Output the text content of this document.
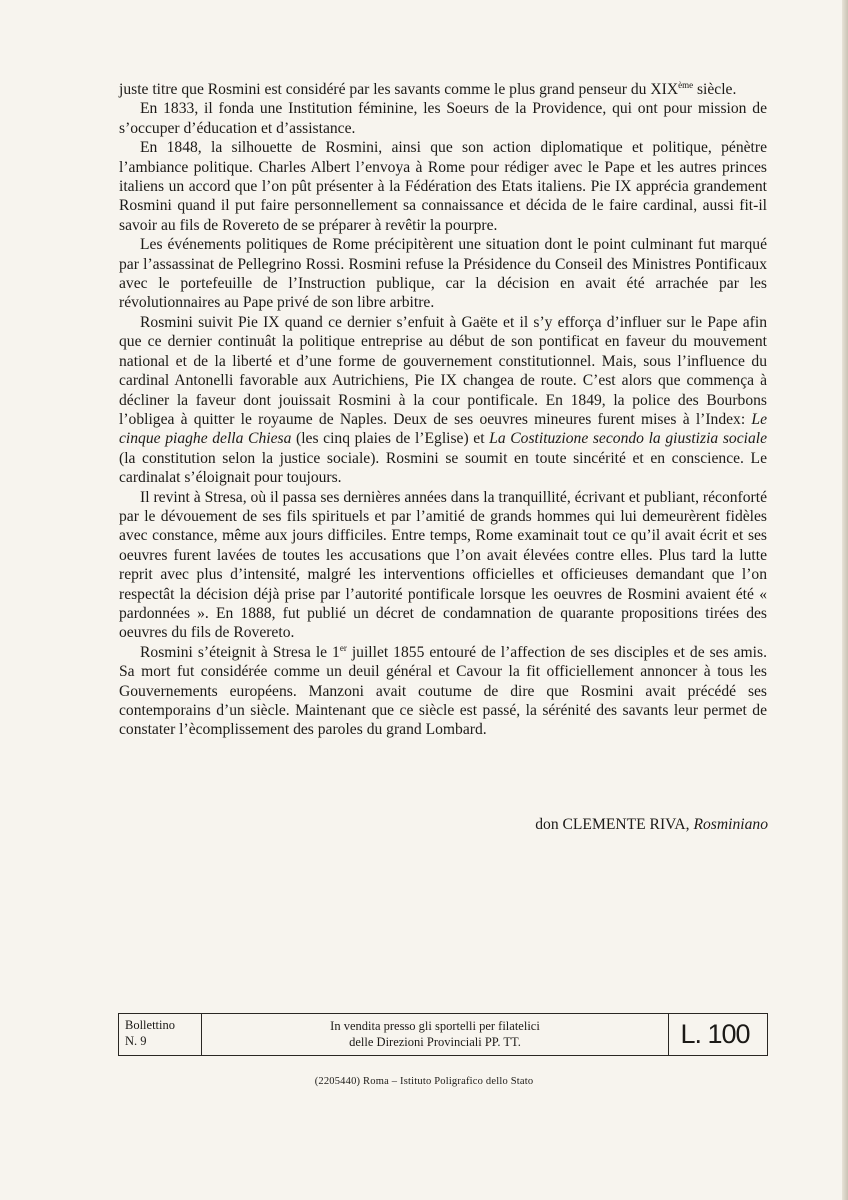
juste titre que Rosmini est considéré par les savants comme le plus grand penseur du XIXème siècle.

En 1833, il fonda une Institution féminine, les Soeurs de la Providence, qui ont pour mission de s’occuper d’éducation et d’assistance.

En 1848, la silhouette de Rosmini, ainsi que son action diplomatique et politique, pénètre l’ambiance politique. Charles Albert l’envoya à Rome pour rédiger avec le Pape et les autres princes italiens un accord que l’on pût présenter à la Fédération des Etats italiens. Pie IX apprécia grandement Rosmini quand il put faire personnellement sa connaissance et décida de le faire cardinal, aussi fit-il savoir au fils de Rovereto de se préparer à revêtir la pourpre.

Les événements politiques de Rome précipitèrent une situation dont le point culminant fut marqué par l’assassinat de Pellegrino Rossi. Rosmini refuse la Présidence du Conseil des Ministres Pontificaux avec le portefeuille de l’Instruction publique, car la décision en avait été arrachée par les révolutionnaires au Pape privé de son libre arbitre.

Rosmini suivit Pie IX quand ce dernier s’enfuit à Gaëte et il s’y efforça d’influer sur le Pape afin que ce dernier continuât la politique entreprise au début de son pontificat en faveur du mouvement national et de la liberté et d’une forme de gouvernement constitutionnel. Mais, sous l’influence du cardinal Antonelli favorable aux Autrichiens, Pie IX changea de route. C’est alors que commença à décliner la faveur dont jouissait Rosmini à la cour pontificale. En 1849, la police des Bourbons l’obligea à quitter le royaume de Naples. Deux de ses oeuvres mineures furent mises à l’Index: Le cinque piaghe della Chiesa (les cinq plaies de l’Eglise) et La Costituzione secondo la giustizia sociale (la constitution selon la justice sociale). Rosmini se soumit en toute sincérité et en conscience. Le cardinalat s’éloignait pour toujours.

Il revint à Stresa, où il passa ses dernières années dans la tranquillité, écrivant et publiant, réconforté par le dévouement de ses fils spirituels et par l’amitié de grands hommes qui lui demeurèrent fidèles avec constance, même aux jours difficiles. Entre temps, Rome examinait tout ce qu’il avait écrit et ses oeuvres furent lavées de toutes les accusations que l’on avait élevées contre elles. Plus tard la lutte reprit avec plus d’intensité, malgré les interventions officielles et officieuses demandant que l’on respectât la décision déjà prise par l’autorité pontificale lorsque les oeuvres de Rosmini avaient été « pardonnées ». En 1888, fut publié un décret de condamnation de quarante propositions tirées des oeuvres du fils de Rovereto.

Rosmini s’éteignit à Stresa le 1er juillet 1855 entouré de l’affection de ses disciples et de ses amis. Sa mort fut considérée comme un deuil général et Cavour la fit officiellement annoncer à tous les Gouvernements européens. Manzoni avait coutume de dire que Rosmini avait précédé ses contemporains d’un siècle. Maintenant que ce siècle est passé, la sérénité des savants leur permet de constater l’ècomplissement des paroles du grand Lombard.

don CLEMENTE RIVA, Rosminiano
Bollettino
N. 9
In vendita presso gli sportelli per filatelici
delle Direzioni Provinciali PP. TT.	L. 100
(2205440) Roma – Istituto Poligrafico dello Stato
